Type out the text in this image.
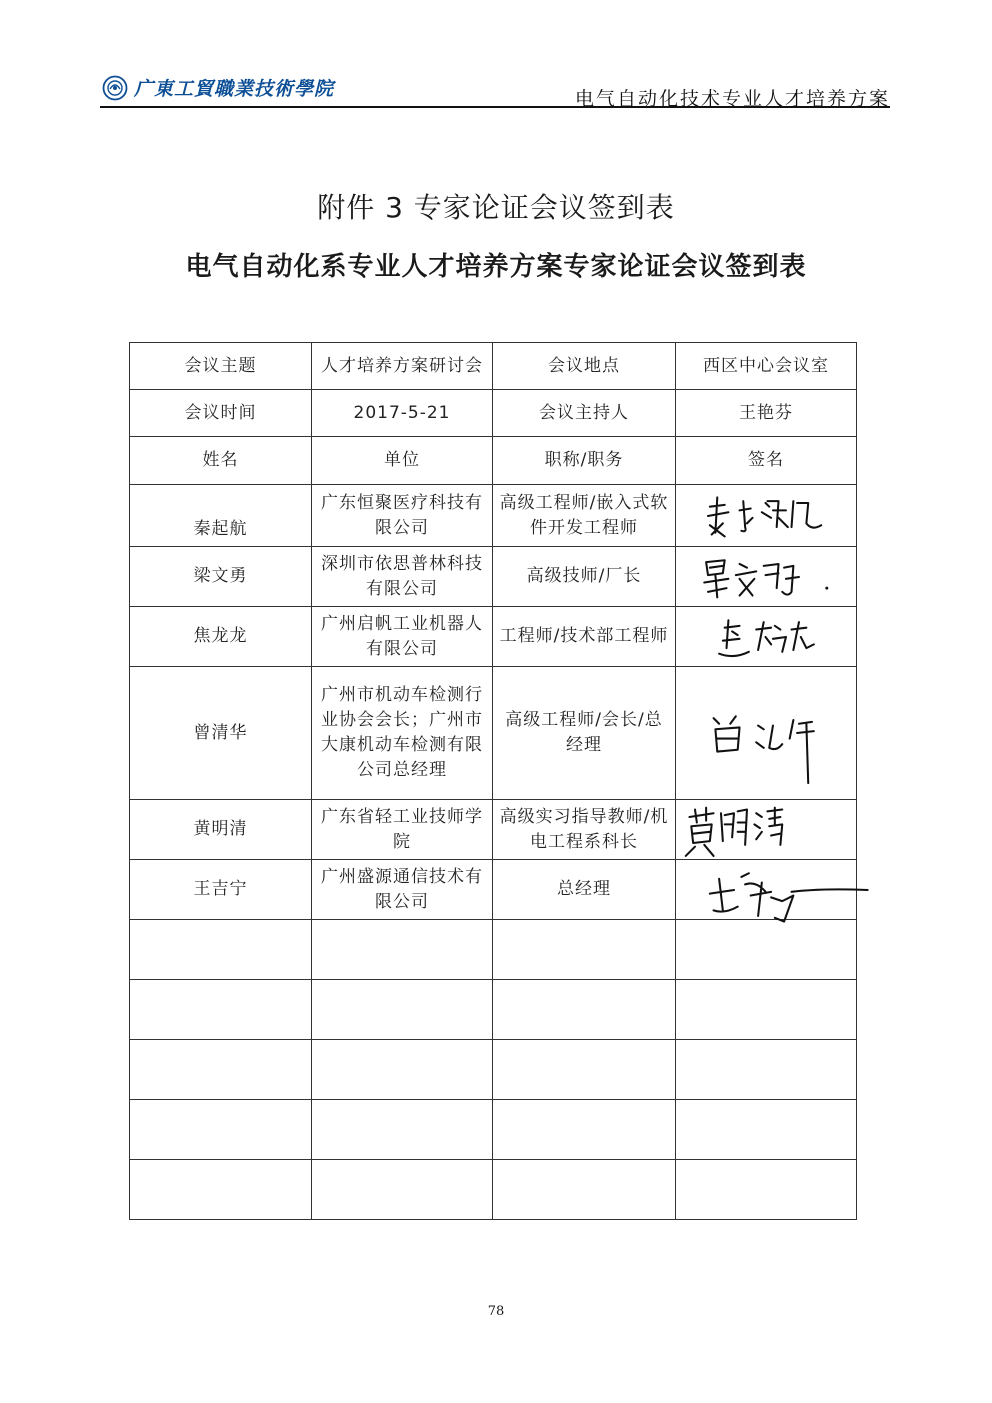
广東工貿職業技術學院	电气自动化技术专业人才培养方案
附件 3 专家论证会议签到表
电气自动化系专业人才培养方案专家论证会议签到表
会议主题	人才培养方案研讨会	会议地点	西区中心会议室
会议时间	2017-5-21	会议主持人	王艳芬
姓名	单位	职称/职务	签名
秦起航	广东恒聚医疗科技有限公司	高级工程师/嵌入式软件开发工程师	

梁文勇	深圳市依思普林科技有限公司	高级技师/厂长	

焦龙龙	广州启帆工业机器人有限公司	工程师/技术部工程师	

曾清华	广州市机动车检测行业协会会长；广州市大康机动车检测有限公司总经理	高级工程师/会长/总经理	

黄明清	广东省轻工业技师学院	高级实习指导教师/机电工程系科长	

王吉宁	广州盛源通信技术有限公司	总经理	

78
